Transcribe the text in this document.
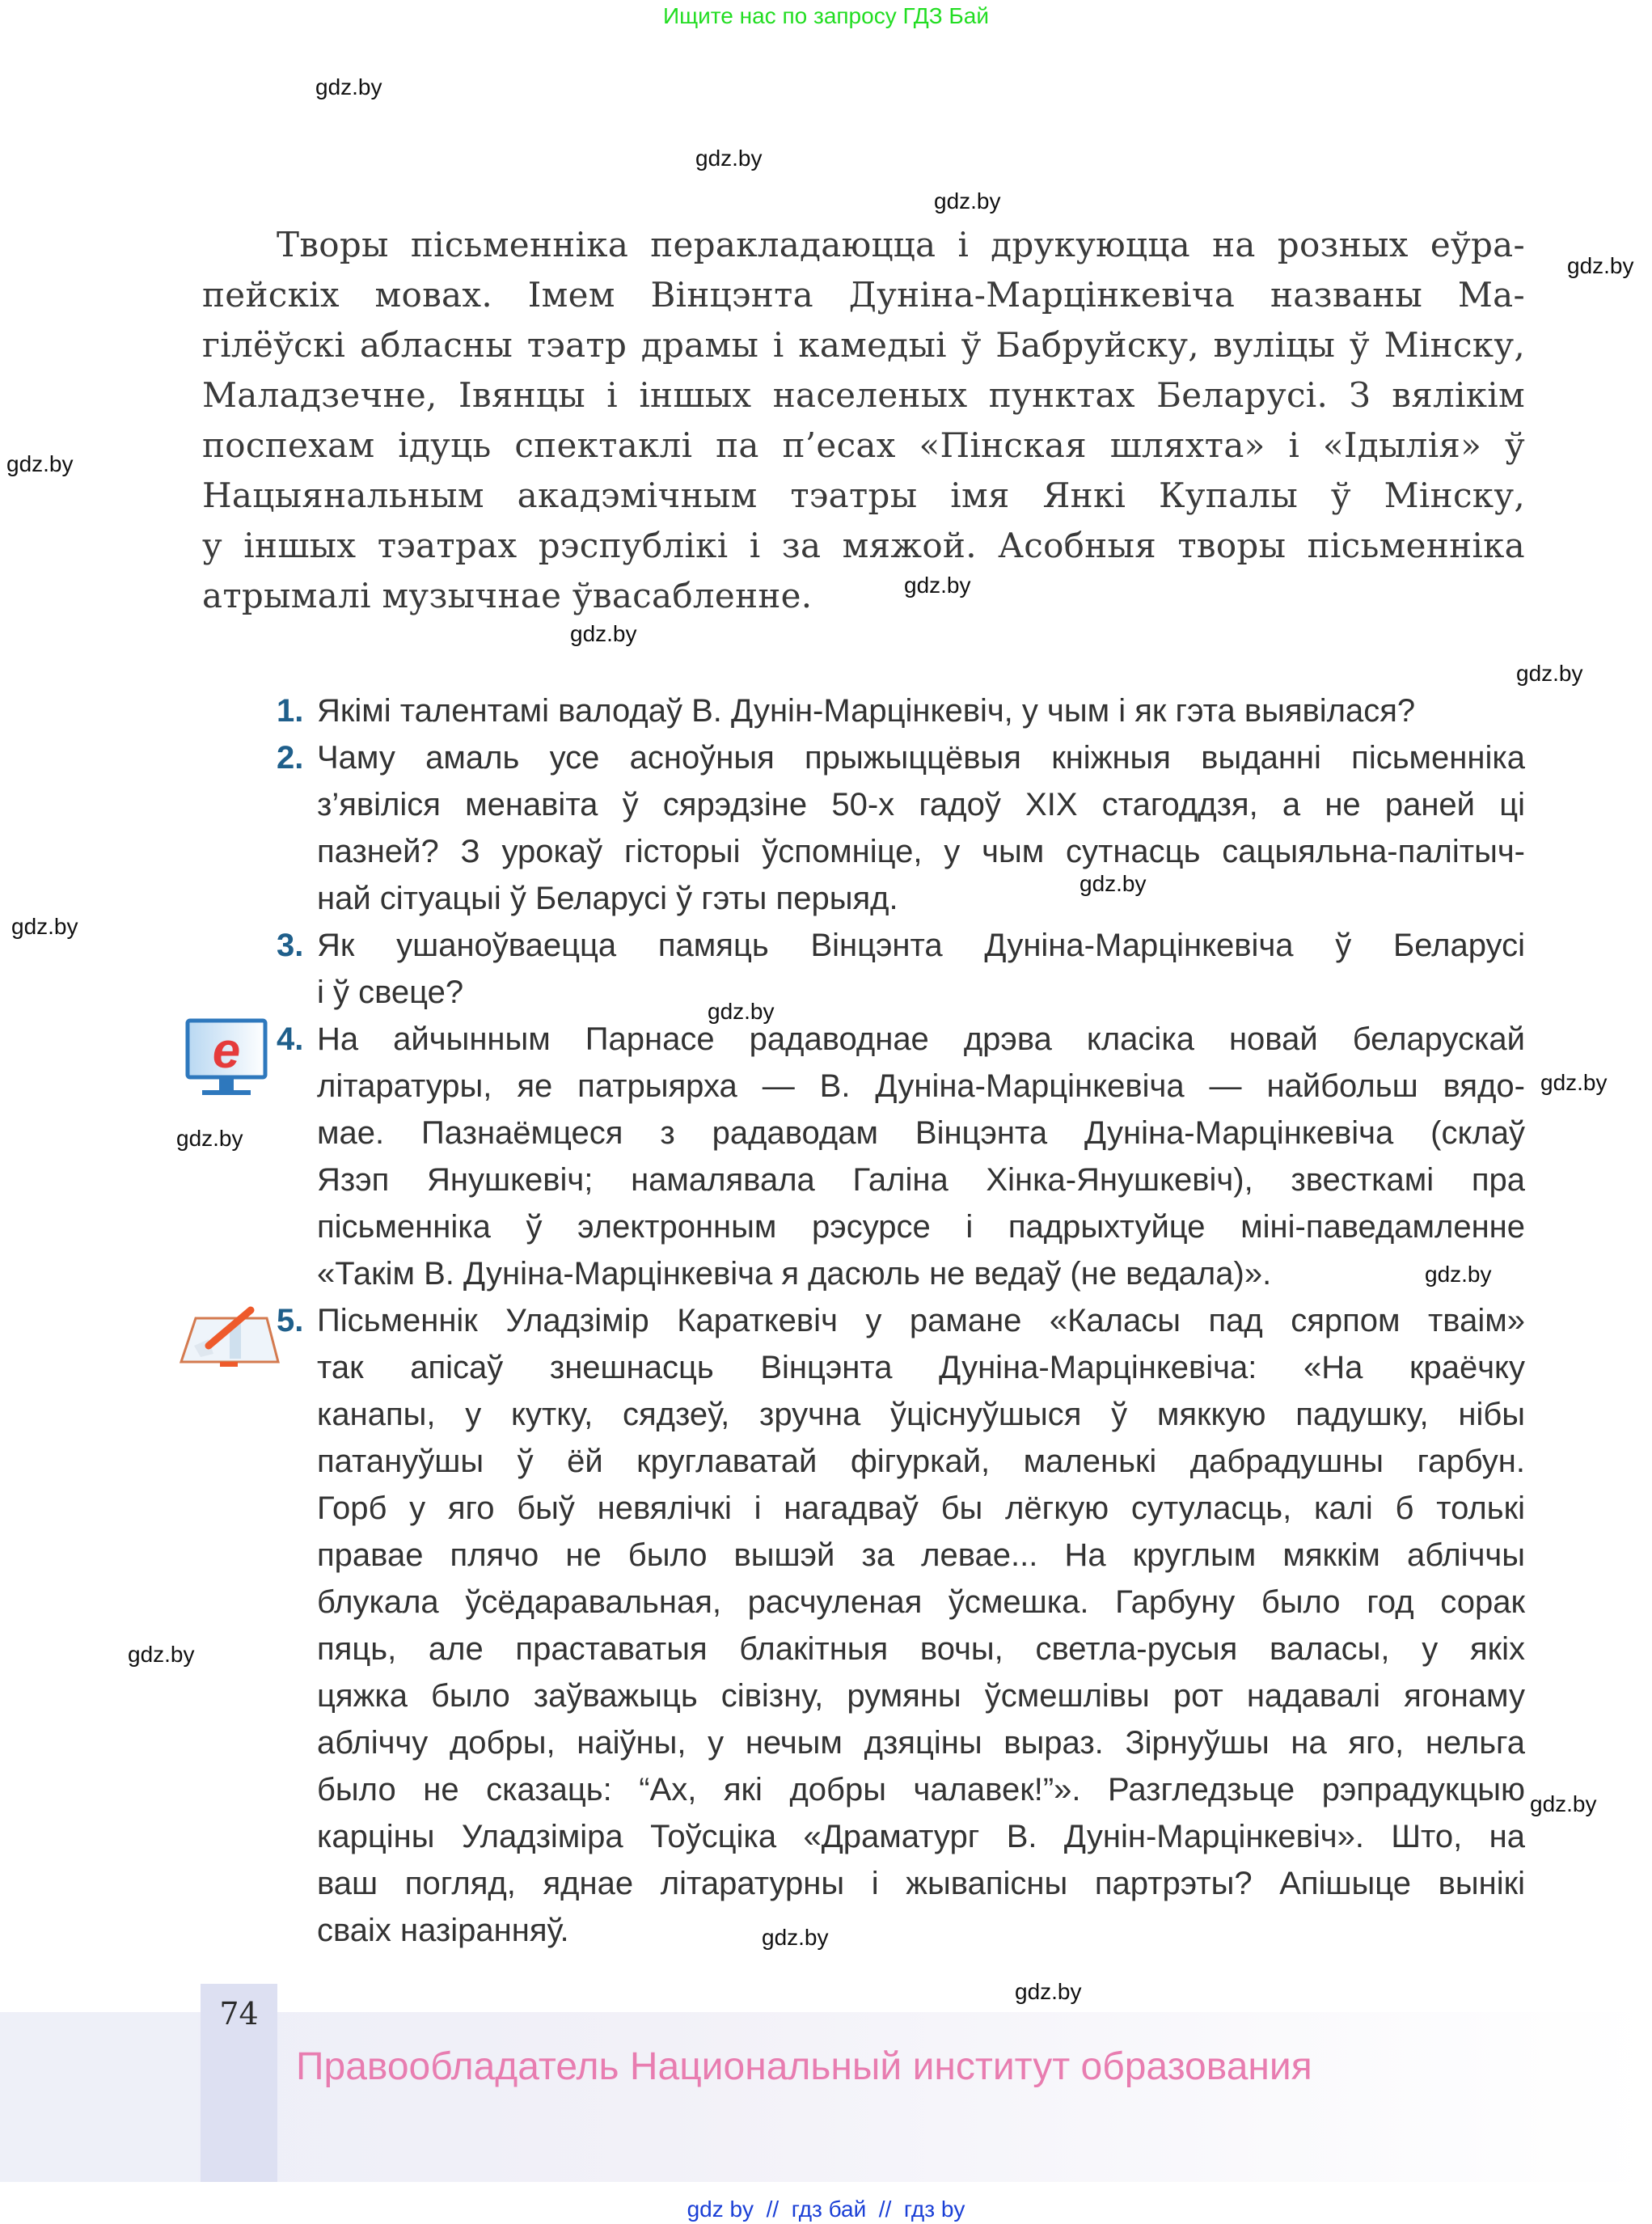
Ищите нас по запросу ГДЗ Бай
gdz.by
gdz.by
gdz.by
gdz.by
gdz.by
gdz.by
gdz.by
gdz.by
gdz.by
gdz.by
gdz.by
gdz.by
gdz.by
gdz.by
gdz.by
gdz.by
gdz.by
gdz.by
Творы пісьменніка перакладаюцца і друкуюцца на розных еўра-
пейскіх мовах. Імем Вінцэнта Дуніна-Марцінкевіча названы Ма-
гілёўскі абласны тэатр драмы і камедыі ў Бабруйску, вуліцы ў Мінску,
Маладзечне, Івянцы і іншых населеных пунктах Беларусі. З вялікім
поспехам ідуць спектаклі па п’есах «Пінская шляхта» і «Ідылія» ў
Нацыянальным акадэмічным тэатры імя Янкі Купалы ў Мінску,
у іншых тэатрах рэспублікі і за мяжой. Асобныя творы пісьменніка
атрымалі музычнае ўвасабленне.
e
1. Якімі талентамі валодаў В. Дунін-Марцінкевіч, у чым і як гэта выявілася?
2. Чаму амаль усе асноўныя прыжыццёвыя кніжныя выданні пісьменніка
з’явіліся менавіта ў сярэдзіне 50-х гадоў XIX стагоддзя, а не раней ці
пазней? З урокаў гісторыі ўспомніце, у чым сутнасць сацыяльна-палітыч-
най сітуацыі ў Беларусі ў гэты перыяд.
3. Як ушаноўваецца памяць Вінцэнта Дуніна-Марцінкевіча ў Беларусі
і ў свеце?
4. На айчынным Парнасе радаводнае дрэва класіка новай беларускай
літаратуры, яе патрыярха — В. Дуніна-Марцінкевіча — найбольш вядо-
мае. Пазнаёмцеся з радаводам Вінцэнта Дуніна-Марцінкевіча (склаў
Язэп Янушкевіч; намалявала Галіна Хінка-Янушкевіч), звесткамі пра
пісьменніка ў электронным рэсурсе і падрыхтуйце міні-паведамленне
«Такім В. Дуніна-Марцінкевіча я дасюль не ведаў (не ведала)».
5. Пісьменнік Уладзімір Караткевіч у рамане «Каласы пад сярпом тваім»
так апісаў знешнасць Вінцэнта Дуніна-Марцінкевіча: «На краёчку
канапы, у кутку, сядзеў, зручна ўціснуўшыся ў мяккую падушку, нібы
патануўшы ў ёй круглаватай фігуркай, маленькі дабрадушны гарбун.
Горб у яго быў невялічкі і нагадваў бы лёгкую сутуласць, калі б толькі
правае плячо не было вышэй за левае... На круглым мяккім абліччы
блукала ўсёдаравальная, расчуленая ўсмешка. Гарбуну было год сорак
пяць, але праставатыя блакітныя вочы, светла-русыя валасы, у якіх
цяжка было заўважыць сівізну, румяны ўсмешлівы рот надавалі ягонаму
абліччу добры, наіўны, у нечым дзяціны выраз. Зірнуўшы на яго, нельга
было не сказаць: “Ах, які добры чалавек!”». Разгледзьце рэпрадукцыю
карціны Уладзіміра Тоўсціка «Драматург В. Дунін-Марцінкевіч». Што, на
ваш погляд, яднае літаратурны і жывапісны партрэты? Апішыце вынікі
сваіх назіранняў.
74
Правообладатель Национальный институт образования
gdz by  //  гдз бай  //  гдз by
